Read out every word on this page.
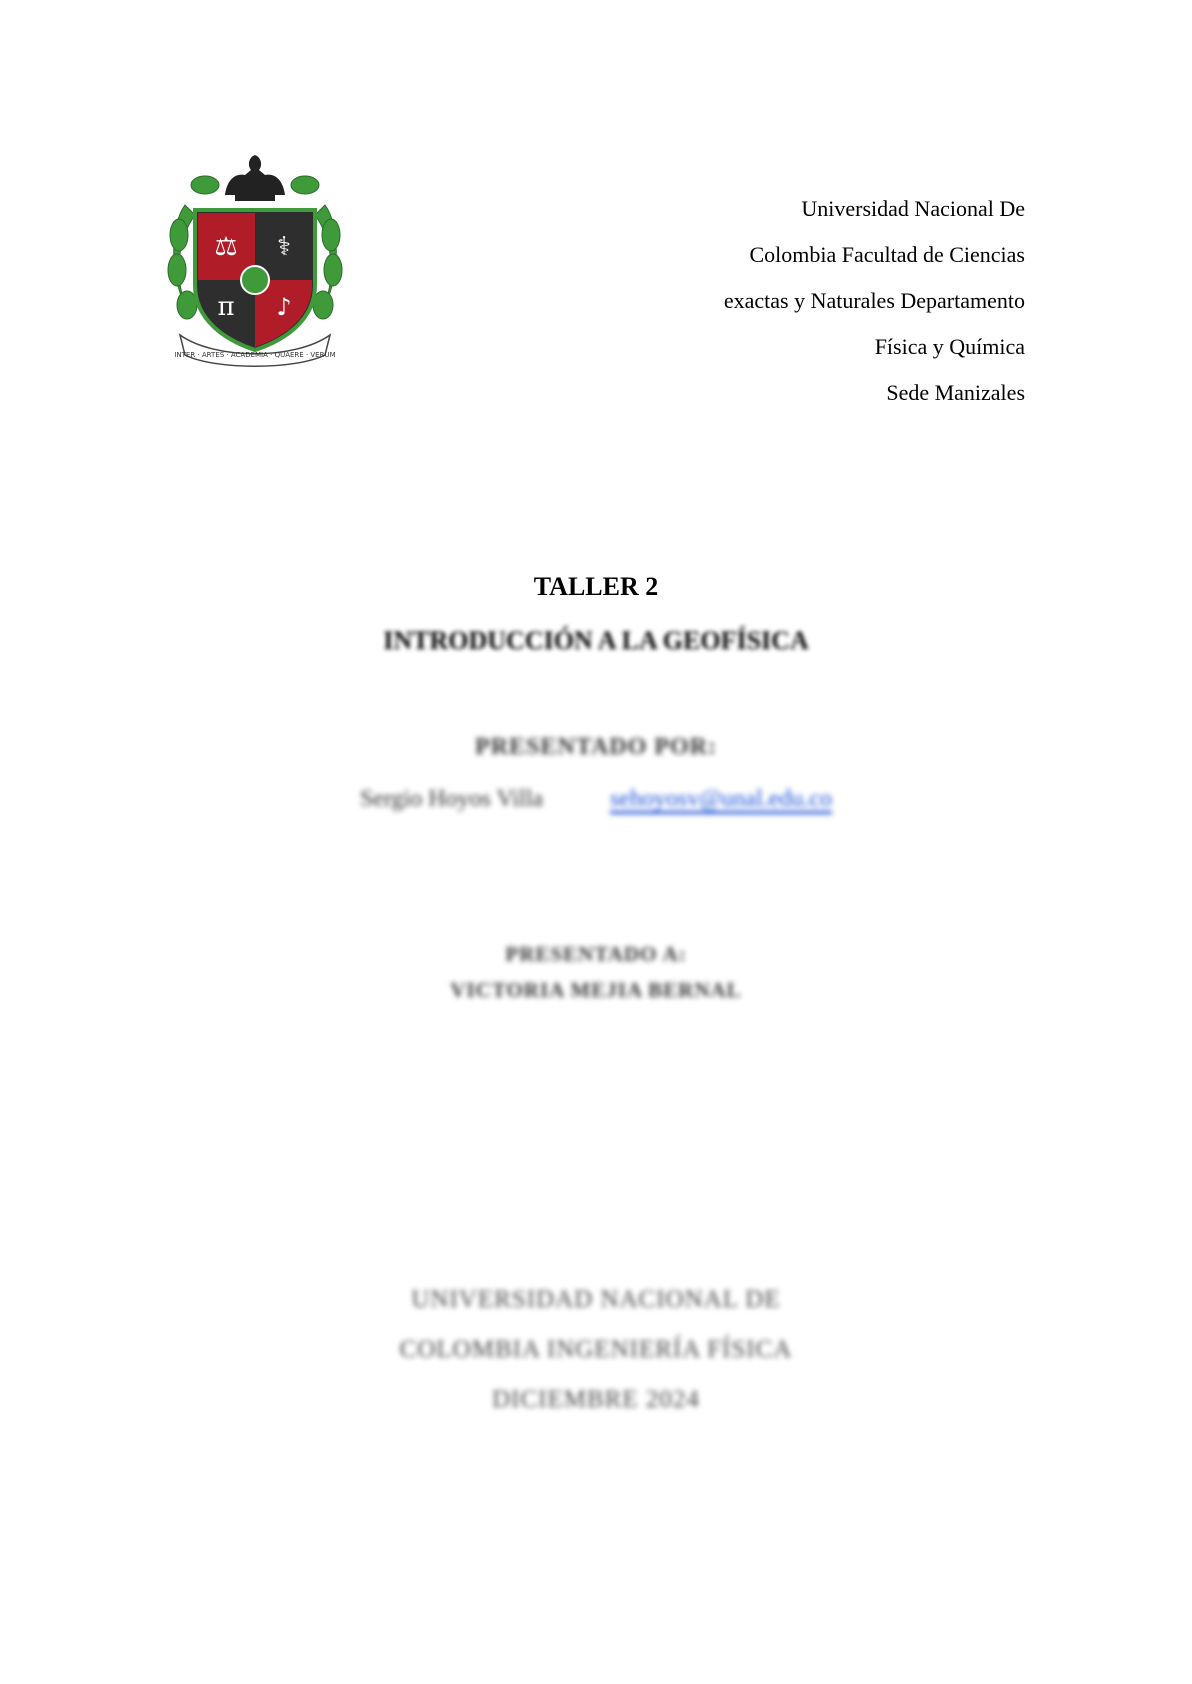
⚖ ⚕
π ♪
INTER · ARTES · ACADEMIA · QUAERE · VERUM
Universidad Nacional De
Colombia Facultad de Ciencias
exactas y Naturales Departamento
Física y Química
Sede Manizales
TALLER 2
INTRODUCCIÓN A LA GEOFÍSICA
PRESENTADO POR:
Sergio Hoyos Villa	sehoyosv@unal.edu.co
PRESENTADO A:
VICTORIA MEJIA BERNAL
UNIVERSIDAD NACIONAL DE
COLOMBIA INGENIERÍA FÍSICA
DICIEMBRE 2024
